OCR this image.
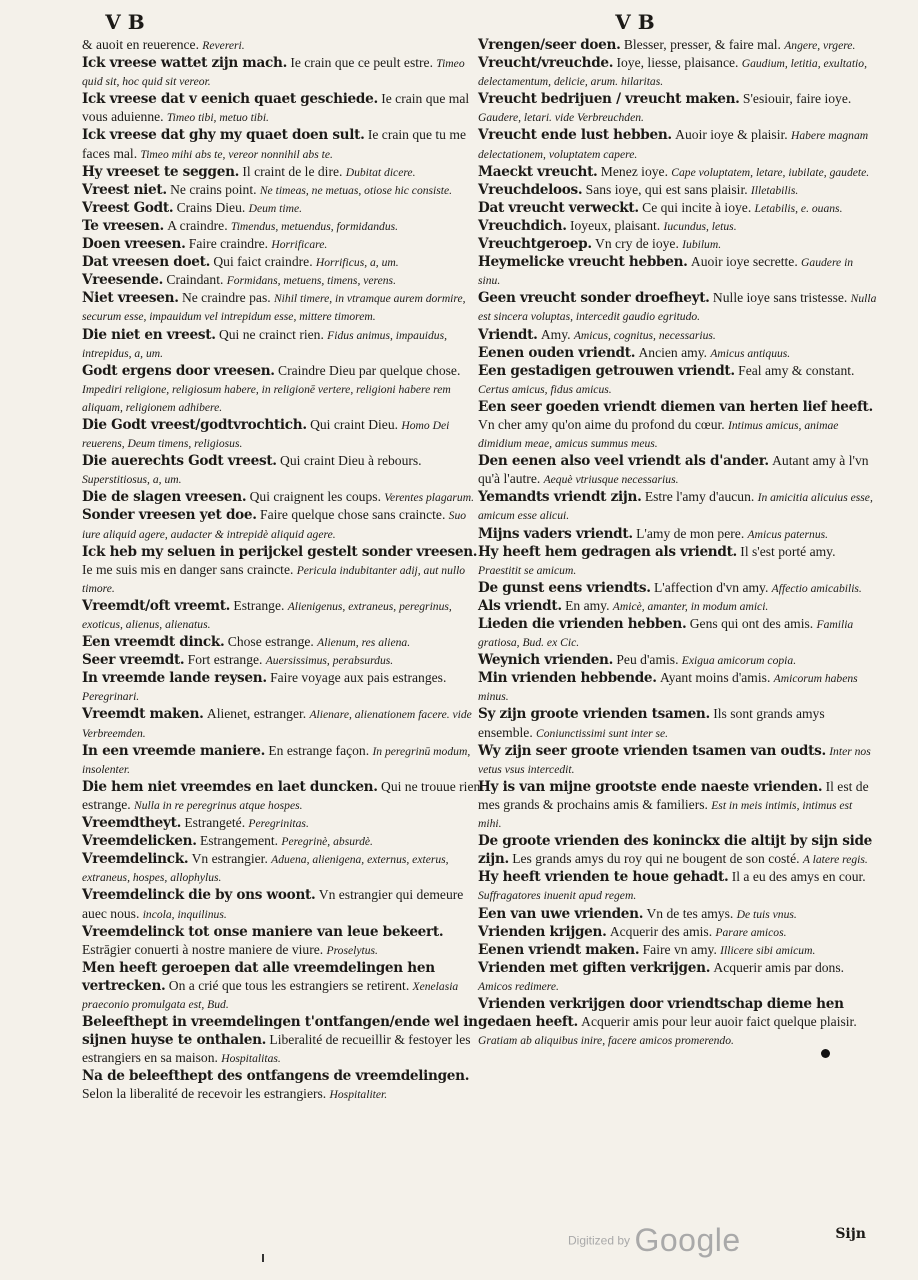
V B	V B

& auoit en reuerence. Revereri.

Ick vreese wattet zijn mach. Ie crain que ce peult estre. Timeo quid sit, hoc quid sit vereor.

Ick vreese dat v eenich quaet geschiede. Ie crain que mal vous aduienne. Timeo tibi, metuo tibi.

Ick vreese dat ghy my quaet doen sult. Ie crain que tu me faces mal. Timeo mihi abs te, vereor nonnihil abs te.

Hy vreeset te seggen. Il craint de le dire. Dubitat dicere.

Vreest niet. Ne crains point. Ne timeas, ne metuas, otiose hic consiste.

Vreest Godt. Crains Dieu. Deum time.

Te vreesen. A craindre. Timendus, metuendus, formidandus.

Doen vreesen. Faire craindre. Horrificare.

Dat vreesen doet. Qui faict craindre. Horrificus, a, um.

Vreesende. Craindant. Formidans, metuens, timens, verens.

Niet vreesen. Ne craindre pas. Nihil timere, in vtramque aurem dormire, securum esse, impauidum vel intrepidum esse, mittere timorem.

Die niet en vreest. Qui ne crainct rien. Fidus animus, impauidus, intrepidus, a, um.

Godt ergens door vreesen. Craindre Dieu par quelque chose. Impediri religione, religiosum habere, in religionē vertere, religioni habere rem aliquam, religionem adhibere.

Die Godt vreest/godtvrochtich. Qui craint Dieu. Homo Dei reuerens, Deum timens, religiosus.

Die auerechts Godt vreest. Qui craint Dieu à rebours. Superstitiosus, a, um.

Die de slagen vreesen. Qui craignent les coups. Verentes plagarum.

Sonder vreesen yet doe. Faire quelque chose sans craincte. Suo iure aliquid agere, audacter & intrepidè aliquid agere.

Ick heb my seluen in perijckel gestelt sonder vreesen. Ie me suis mis en danger sans craincte. Pericula indubitanter adij, aut nullo timore.

Vreemdt/oft vreemt. Estrange. Alienigenus, extraneus, peregrinus, exoticus, alienus, alienatus.

Een vreemdt dinck. Chose estrange. Alienum, res aliena.

Seer vreemdt. Fort estrange. Auersissimus, perabsurdus.

In vreemde lande reysen. Faire voyage aux pais estranges. Peregrinari.

Vreemdt maken. Alienet, estranger. Alienare, alienationem facere. vide Verbreemden.

In een vreemde maniere. En estrange façon. In peregrinū modum, insolenter.

Die hem niet vreemdes en laet duncken. Qui ne trouue rien estrange. Nulla in re peregrinus atque hospes.

Vreemdtheyt. Estrangeté. Peregrinitas.

Vreemdelicken. Estrangement. Peregrinè, absurdè.

Vreemdelinck. Vn estrangier. Aduena, alienigena, externus, exterus, extraneus, hospes, allophylus.

Vreemdelinck die by ons woont. Vn estrangier qui demeure auec nous. incola, inquilinus.

Vreemdelinck tot onse maniere van leue bekeert. Estrāgier conuerti à nostre maniere de viure. Proselytus.

Men heeft geroepen dat alle vreemdelingen hen vertrecken. On a crié que tous les estrangiers se retirent. Xenelasia praeconio promulgata est, Bud.

Beleefthept in vreemdelingen t'ontfangen/ende wel in sijnen huyse te onthalen. Liberalité de recueillir & festoyer les estrangiers en sa maison. Hospitalitas.

Na de beleefthept des ontfangens de vreemdelingen. Selon la liberalité de recevoir les estrangiers. Hospitaliter.

Vrengen/seer doen. Blesser, presser, & faire mal. Angere, vrgere.

Vreucht/vreuchde. Ioye, liesse, plaisance. Gaudium, letitia, exultatio, delectamentum, delicie, arum. hilaritas.

Vreucht bedrijuen / vreucht maken. S'esiouir, faire ioye. Gaudere, letari. vide Verbreuchden.

Vreucht ende lust hebben. Auoir ioye & plaisir. Habere magnam delectationem, voluptatem capere.

Maeckt vreucht. Menez ioye. Cape voluptatem, letare, iubilate, gaudete.

Vreuchdeloos. Sans ioye, qui est sans plaisir. Illetabilis.

Dat vreucht verweckt. Ce qui incite à ioye. Letabilis, e. ouans.

Vreuchdich. Ioyeux, plaisant. Iucundus, letus.

Vreuchtgeroep. Vn cry de ioye. Iubilum.

Heymelicke vreucht hebben. Auoir ioye secrette. Gaudere in sinu.

Geen vreucht sonder droefheyt. Nulle ioye sans tristesse. Nulla est sincera voluptas, intercedit gaudio egritudo.

Vriendt. Amy. Amicus, cognitus, necessarius.

Eenen ouden vriendt. Ancien amy. Amicus antiquus.

Een gestadigen getrouwen vriendt. Feal amy & constant. Certus amicus, fidus amicus.

Een seer goeden vriendt diemen van herten lief heeft. Vn cher amy qu'on aime du profond du cœur. Intimus amicus, animae dimidium meae, amicus summus meus.

Den eenen also veel vriendt als d'ander. Autant amy à l'vn qu'à l'autre. Aequè vtriusque necessarius.

Yemandts vriendt zijn. Estre l'amy d'aucun. In amicitia alicuius esse, amicum esse alicui.

Mijns vaders vriendt. L'amy de mon pere. Amicus paternus.

Hy heeft hem gedragen als vriendt. Il s'est porté amy. Praestitit se amicum.

De gunst eens vriendts. L'affection d'vn amy. Affectio amicabilis.

Als vriendt. En amy. Amicè, amanter, in modum amici.

Lieden die vrienden hebben. Gens qui ont des amis. Familia gratiosa, Bud. ex Cic.

Weynich vrienden. Peu d'amis. Exigua amicorum copia.

Min vrienden hebbende. Ayant moins d'amis. Amicorum habens minus.

Sy zijn groote vrienden tsamen. Ils sont grands amys ensemble. Coniunctissimi sunt inter se.

Wy zijn seer groote vrienden tsamen van oudts. Inter nos vetus vsus intercedit.

Hy is van mijne grootste ende naeste vrienden. Il est de mes grands & prochains amis & familiers. Est in meis intimis, intimus est mihi.

De groote vrienden des koninckx die altijt by sijn side zijn. Les grands amys du roy qui ne bougent de son costé. A latere regis.

Hy heeft vrienden te houe gehadt. Il a eu des amys en cour. Suffragatores inuenit apud regem.

Een van uwe vrienden. Vn de tes amys. De tuis vnus.

Vrienden krijgen. Acquerir des amis. Parare amicos.

Eenen vriendt maken. Faire vn amy. Illicere sibi amicum.

Vrienden met giften verkrijgen. Acquerir amis par dons. Amicos redimere.

Vrienden verkrijgen door vriendtschap dieme hen gedaen heeft. Acquerir amis pour leur auoir faict quelque plaisir. Gratiam ab aliquibus inire, facere amicos promerendo.

Digitized by Google	Sijn
